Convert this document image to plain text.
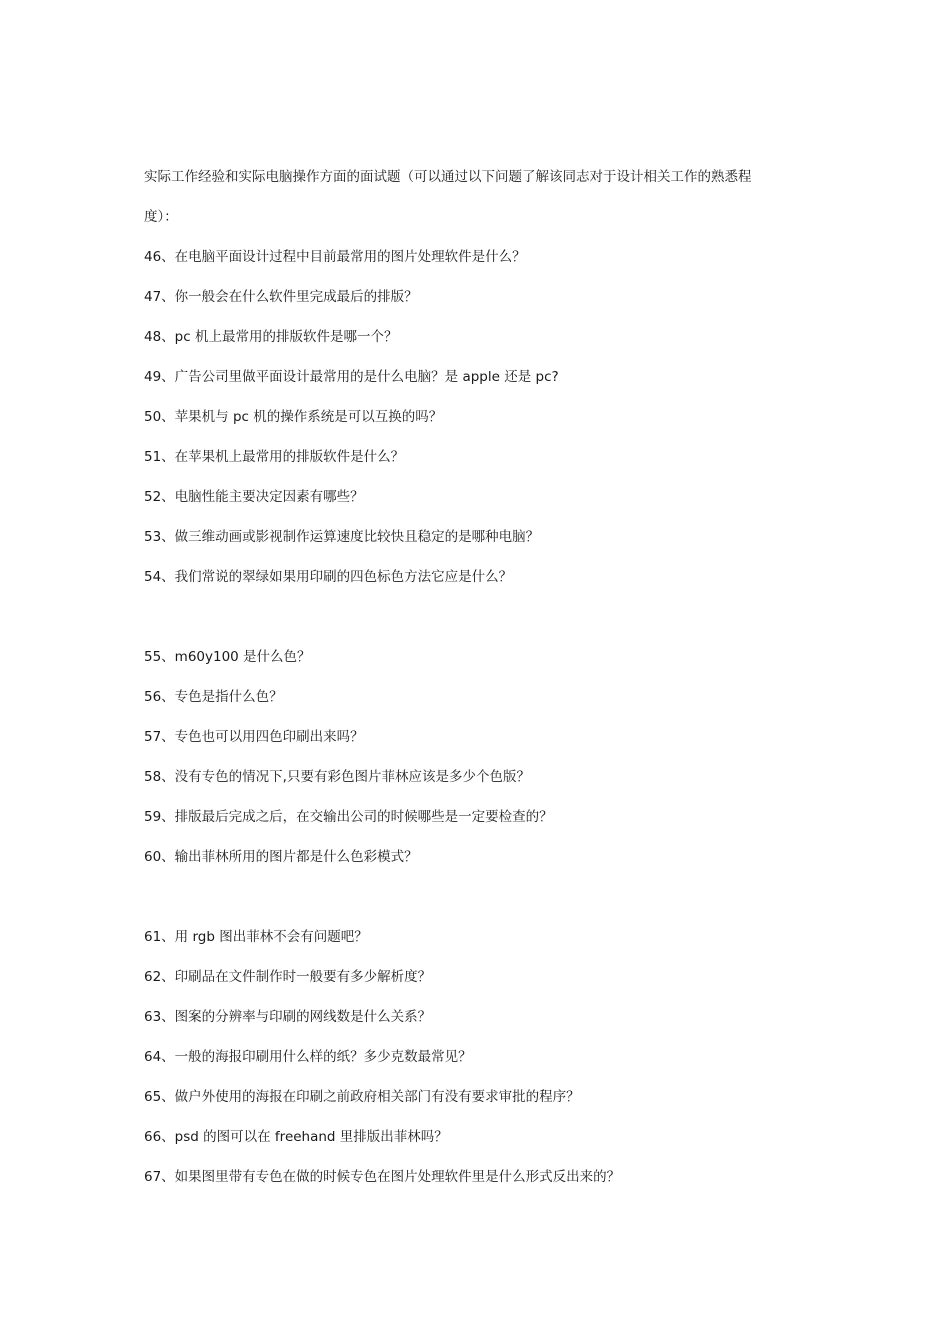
实际工作经验和实际电脑操作方面的面试题（可以通过以下问题了解该同志对于设计相关工作的熟悉程
度）：
46、在电脑平面设计过程中目前最常用的图片处理软件是什么？
47、你一般会在什么软件里完成最后的排版？
48、pc 机上最常用的排版软件是哪一个？
49、广告公司里做平面设计最常用的是什么电脑？是 apple 还是 pc?
50、苹果机与 pc 机的操作系统是可以互换的吗？
51、在苹果机上最常用的排版软件是什么？
52、电脑性能主要决定因素有哪些？
53、做三维动画或影视制作运算速度比较快且稳定的是哪种电脑？
54、我们常说的翠绿如果用印刷的四色标色方法它应是什么？
55、m60y100 是什么色？
56、专色是指什么色？
57、专色也可以用四色印刷出来吗？
58、没有专色的情况下,只要有彩色图片菲林应该是多少个色版？
59、排版最后完成之后，在交输出公司的时候哪些是一定要检查的？
60、输出菲林所用的图片都是什么色彩模式？
61、用 rgb 图出菲林不会有问题吧？
62、印刷品在文件制作时一般要有多少解析度？
63、图案的分辨率与印刷的网线数是什么关系？
64、一般的海报印刷用什么样的纸？多少克数最常见？
65、做户外使用的海报在印刷之前政府相关部门有没有要求审批的程序？
66、psd 的图可以在 freehand 里排版出菲林吗？
67、如果图里带有专色在做的时候专色在图片处理软件里是什么形式反出来的？
